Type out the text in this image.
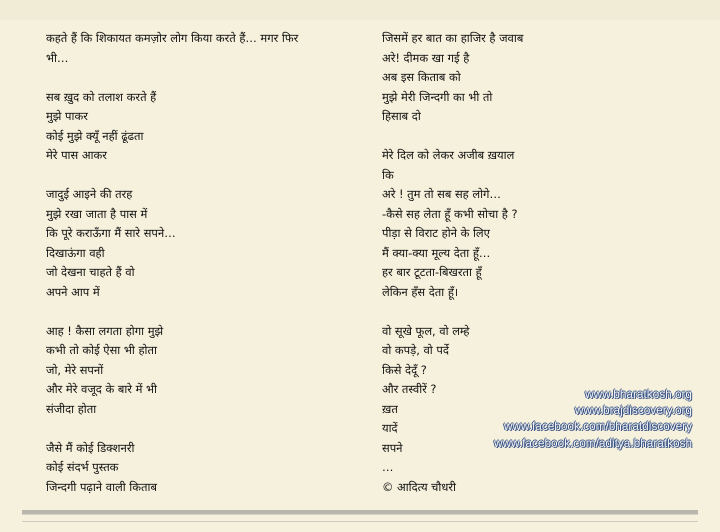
कहते हैं कि शिकायत कमज़ोर लोग किया करते हैं… मगर फिर
भी…
सब ख़ुद को तलाश करते हैं
मुझे पाकर
कोई मुझे क्यूँ नहीं ढूंढता
मेरे पास आकर
जादुई आइने की तरह
मुझे रखा जाता है पास में
कि पूरे कराऊँगा मैं सारे सपने…
दिखाऊंगा वही
जो देखना चाहते हैं वो
अपने आप में
आह ! कैसा लगता होगा मुझे
कभी तो कोई ऐसा भी होता
जो, मेरे सपनों
और मेरे वजूद के बारे में भी
संजीदा होता
जैसे मैं कोई डिक्शनरी
कोई संदर्भ पुस्तक
जिन्दगी पढ़ाने वाली किताब
जिसमें हर बात का हाजिर है जवाब
अरे! दीमक खा गई है
अब इस किताब को
मुझे मेरी जिन्दगी का भी तो
हिसाब दो
मेरे दिल को लेकर अजीब ख़याल
कि
अरे ! तुम तो सब सह लोगे…
-कैसे सह लेता हूँ कभी सोचा है ?
पीड़ा से विराट होने के लिए
मैं क्या-क्या मूल्य देता हूँ…
हर बार टूटता-बिखरता हूँ
लेकिन हँस देता हूँ।
वो सूखे फूल, वो लम्हे
वो कपड़े, वो पर्दे
किसे देदूँ ?
और तस्वीरें ?
ख़त
यादें
सपने
…
© आदित्य चौधरी
www.bharatkosh.org
www.brajdiscovery.org
www.facebook.com/bharatdiscovery
www.facebook.com/aditya.bharatkosh
